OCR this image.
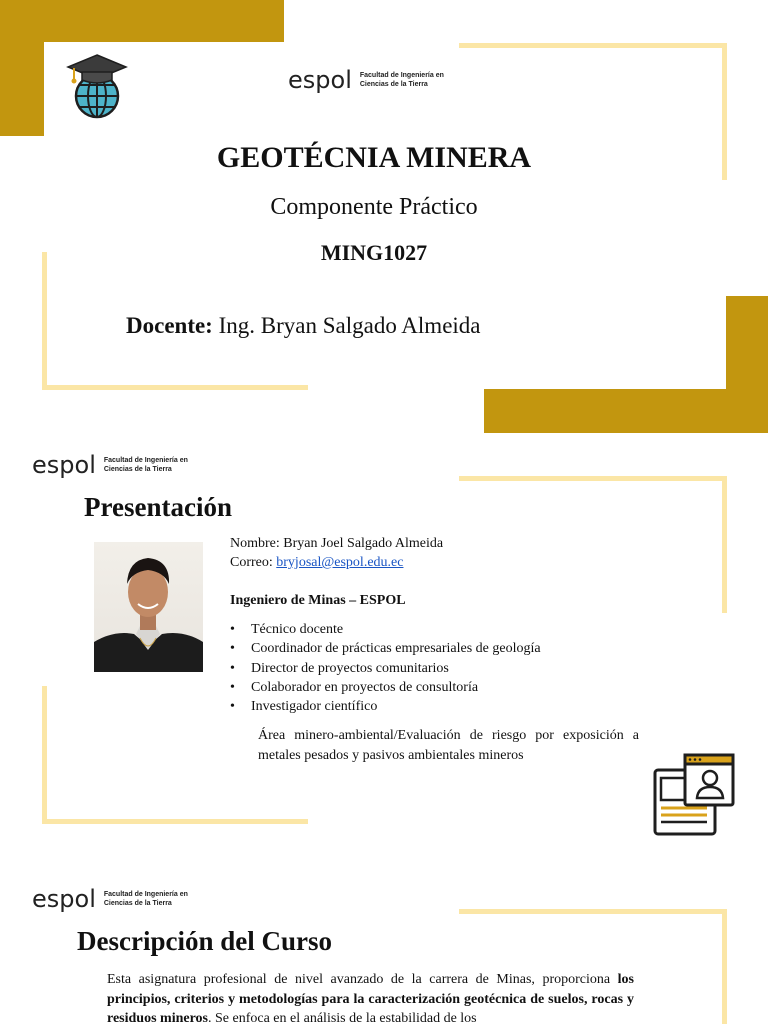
espol Facultad de Ingeniería en
Ciencias de la Tierra
GEOTÉCNIA MINERA
Componente Práctico
MING1027
Docente: Ing. Bryan Salgado Almeida
espol Facultad de Ingeniería en
Ciencias de la Tierra
Presentación
Nombre: Bryan Joel Salgado Almeida
Correo: bryjosal@espol.edu.ec
Ingeniero de Minas – ESPOL
• Técnico docente
• Coordinador de prácticas empresariales de geología
• Director de proyectos comunitarios
• Colaborador en proyectos de consultoría
• Investigador científico
Área minero-ambiental/Evaluación de riesgo por exposición a metales pesados y pasivos ambientales mineros
espol Facultad de Ingeniería en
Ciencias de la Tierra
Descripción del Curso
Esta asignatura profesional de nivel avanzado de la carrera de Minas, proporciona los principios, criterios y metodologías para la caracterización geotécnica de suelos, rocas y residuos mineros. Se enfoca en el análisis de la estabilidad de los
